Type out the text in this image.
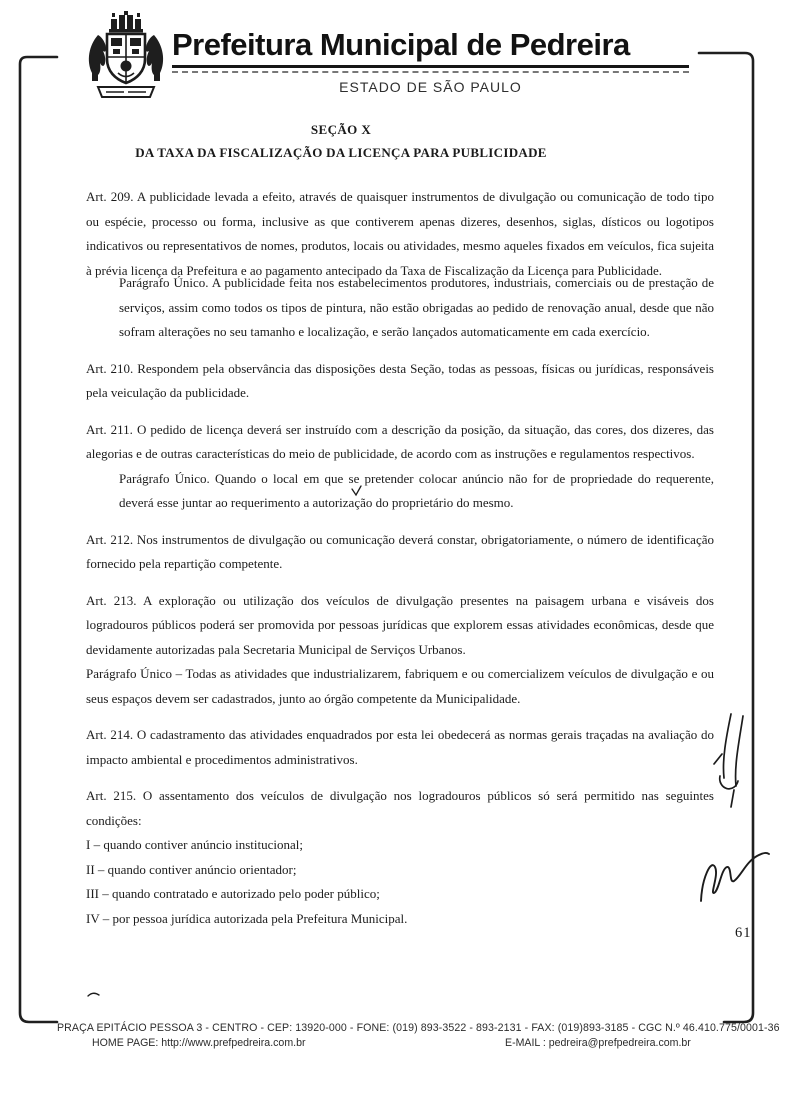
Prefeitura Municipal de Pedreira
ESTADO DE SÃO PAULO
SEÇÃO X
DA TAXA DA FISCALIZAÇÃO DA LICENÇA PARA PUBLICIDADE

Art. 209. A publicidade levada a efeito, através de quaisquer instrumentos de divulgação ou comunicação de todo tipo ou espécie, processo ou forma, inclusive as que contiverem apenas dizeres, desenhos, siglas, dísticos ou logotipos indicativos ou representativos de nomes, produtos, locais ou atividades, mesmo aqueles fixados em veículos, fica sujeita à prévia licença da Prefeitura e ao pagamento antecipado da Taxa de Fiscalização da Licença para Publicidade.

Parágrafo Único. A publicidade feita nos estabelecimentos produtores, industriais, comerciais ou de prestação de serviços, assim como todos os tipos de pintura, não estão obrigadas ao pedido de renovação anual, desde que não sofram alterações no seu tamanho e localização, e serão lançados automaticamente em cada exercício.

Art. 210. Respondem pela observância das disposições desta Seção, todas as pessoas, físicas ou jurídicas, responsáveis pela veiculação da publicidade.

Art. 211. O pedido de licença deverá ser instruído com a descrição da posição, da situação, das cores, dos dizeres, das alegorias e de outras características do meio de publicidade, de acordo com as instruções e regulamentos respectivos.

Parágrafo Único. Quando o local em que se pretender colocar anúncio não for de propriedade do requerente, deverá esse juntar ao requerimento a autorização do proprietário do mesmo.

Art. 212. Nos instrumentos de divulgação ou comunicação deverá constar, obrigatoriamente, o número de identificação fornecido pela repartição competente.

Art. 213. A exploração ou utilização dos veículos de divulgação presentes na paisagem urbana e visáveis dos logradouros públicos poderá ser promovida por pessoas jurídicas que explorem essas atividades econômicas, desde que devidamente autorizadas pala Secretaria Municipal de Serviços Urbanos.

Parágrafo Único – Todas as atividades que industrializarem, fabriquem e ou comercializem veículos de divulgação e ou seus espaços devem ser cadastrados, junto ao órgão competente da Municipalidade.

Art. 214. O cadastramento das atividades enquadrados por esta lei obedecerá as normas gerais traçadas na avaliação do impacto ambiental e procedimentos administrativos.

Art. 215. O assentamento dos veículos de divulgação nos logradouros públicos só será permitido nas seguintes condições:

I – quando contiver anúncio institucional;

II – quando contiver anúncio orientador;

III – quando contratado e autorizado pelo poder público;

IV – por pessoa jurídica autorizada pela Prefeitura Municipal.

61
PRAÇA EPITÁCIO PESSOA 3 - CENTRO - CEP: 13920-000 - FONE: (019) 893-3522 - 893-2131 - FAX: (019)893-3185 - CGC N.º 46.410.775/0001-36
HOME PAGE: http://www.prefpedreira.com.br	E-MAIL : pedreira@prefpedreira.com.br
